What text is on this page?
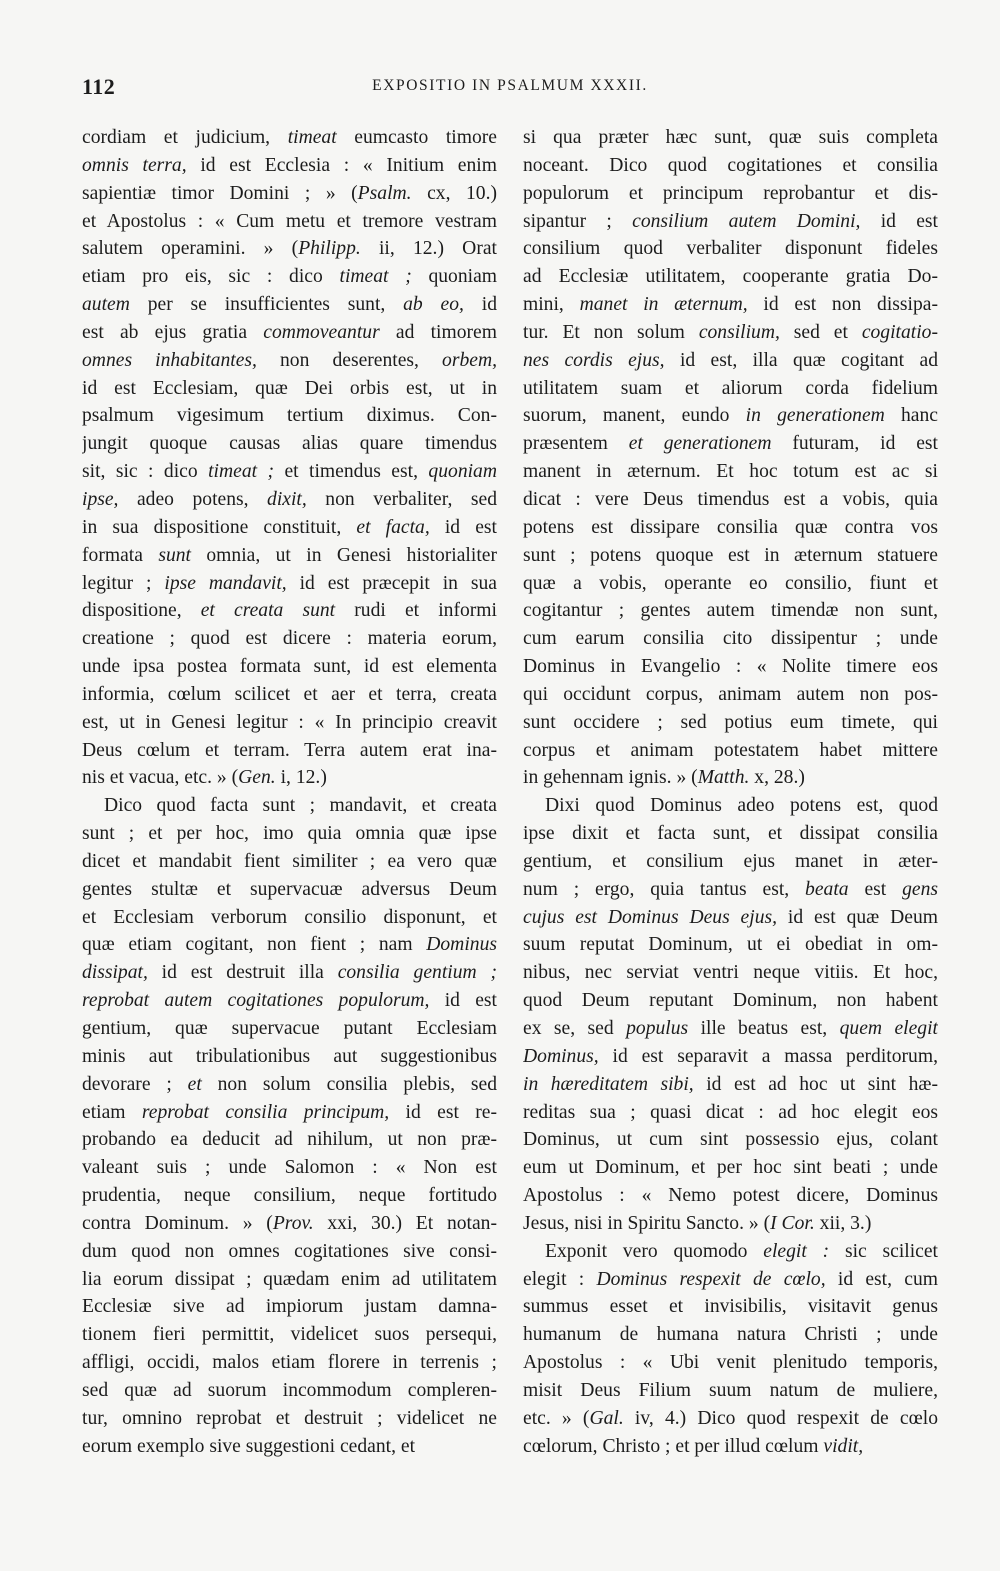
112	EXPOSITIO IN PSALMUM XXXII.
cordiam et judicium, timeat eumcasto timore
omnis terra, id est Ecclesia : « Initium enim
sapientiæ timor Domini ; » (Psalm. cx, 10.)
et Apostolus : « Cum metu et tremore vestram
salutem operamini. » (Philipp. ii, 12.) Orat
etiam pro eis, sic : dico timeat ; quoniam
autem per se insufficientes sunt, ab eo, id
est ab ejus gratia commoveantur ad timorem
omnes inhabitantes, non deserentes, orbem,
id est Ecclesiam, quæ Dei orbis est, ut in
psalmum vigesimum tertium diximus. Con-
jungit quoque causas alias quare timendus
sit, sic : dico timeat ; et timendus est, quoniam
ipse, adeo potens, dixit, non verbaliter, sed
in sua dispositione constituit, et facta, id est
formata sunt omnia, ut in Genesi historialiter
legitur ; ipse mandavit, id est præcepit in sua
dispositione, et creata sunt rudi et informi
creatione ; quod est dicere : materia eorum,
unde ipsa postea formata sunt, id est elementa
informia, cœlum scilicet et aer et terra, creata
est, ut in Genesi legitur : « In principio creavit
Deus cœlum et terram. Terra autem erat ina-
nis et vacua, etc. » (Gen. i, 12.)
Dico quod facta sunt ; mandavit, et creata
sunt ; et per hoc, imo quia omnia quæ ipse
dicet et mandabit fient similiter ; ea vero quæ
gentes stultæ et supervacuæ adversus Deum
et Ecclesiam verborum consilio disponunt, et
quæ etiam cogitant, non fient ; nam Dominus
dissipat, id est destruit illa consilia gentium ;
reprobat autem cogitationes populorum, id est
gentium, quæ supervacue putant Ecclesiam
minis aut tribulationibus aut suggestionibus
devorare ; et non solum consilia plebis, sed
etiam reprobat consilia principum, id est re-
probando ea deducit ad nihilum, ut non præ-
valeant suis ; unde Salomon : « Non est
prudentia, neque consilium, neque fortitudo
contra Dominum. » (Prov. xxi, 30.) Et notan-
dum quod non omnes cogitationes sive consi-
lia eorum dissipat ; quædam enim ad utilitatem
Ecclesiæ sive ad impiorum justam damna-
tionem fieri permittit, videlicet suos persequi,
affligi, occidi, malos etiam florere in terrenis ;
sed quæ ad suorum incommodum compleren-
tur, omnino reprobat et destruit ; videlicet ne
eorum exemplo sive suggestioni cedant, et
si qua præter hæc sunt, quæ suis completa
noceant. Dico quod cogitationes et consilia
populorum et principum reprobantur et dis-
sipantur ; consilium autem Domini, id est
consilium quod verbaliter disponunt fideles
ad Ecclesiæ utilitatem, cooperante gratia Do-
mini, manet in æternum, id est non dissipa-
tur. Et non solum consilium, sed et cogitatio-
nes cordis ejus, id est, illa quæ cogitant ad
utilitatem suam et aliorum corda fidelium
suorum, manent, eundo in generationem hanc
præsentem et generationem futuram, id est
manent in æternum. Et hoc totum est ac si
dicat : vere Deus timendus est a vobis, quia
potens est dissipare consilia quæ contra vos
sunt ; potens quoque est in æternum statuere
quæ a vobis, operante eo consilio, fiunt et
cogitantur ; gentes autem timendæ non sunt,
cum earum consilia cito dissipentur ; unde
Dominus in Evangelio : « Nolite timere eos
qui occidunt corpus, animam autem non pos-
sunt occidere ; sed potius eum timete, qui
corpus et animam potestatem habet mittere
in gehennam ignis. » (Matth. x, 28.)
Dixi quod Dominus adeo potens est, quod
ipse dixit et facta sunt, et dissipat consilia
gentium, et consilium ejus manet in æter-
num ; ergo, quia tantus est, beata est gens
cujus est Dominus Deus ejus, id est quæ Deum
suum reputat Dominum, ut ei obediat in om-
nibus, nec serviat ventri neque vitiis. Et hoc,
quod Deum reputant Dominum, non habent
ex se, sed populus ille beatus est, quem elegit
Dominus, id est separavit a massa perditorum,
in hæreditatem sibi, id est ad hoc ut sint hæ-
reditas sua ; quasi dicat : ad hoc elegit eos
Dominus, ut cum sint possessio ejus, colant
eum ut Dominum, et per hoc sint beati ; unde
Apostolus : « Nemo potest dicere, Dominus
Jesus, nisi in Spiritu Sancto. » (I Cor. xii, 3.)
Exponit vero quomodo elegit : sic scilicet
elegit : Dominus respexit de cœlo, id est, cum
summus esset et invisibilis, visitavit genus
humanum de humana natura Christi ; unde
Apostolus : « Ubi venit plenitudo temporis,
misit Deus Filium suum natum de muliere,
etc. » (Gal. iv, 4.) Dico quod respexit de cœlo
cœlorum, Christo ; et per illud cœlum vidit,
